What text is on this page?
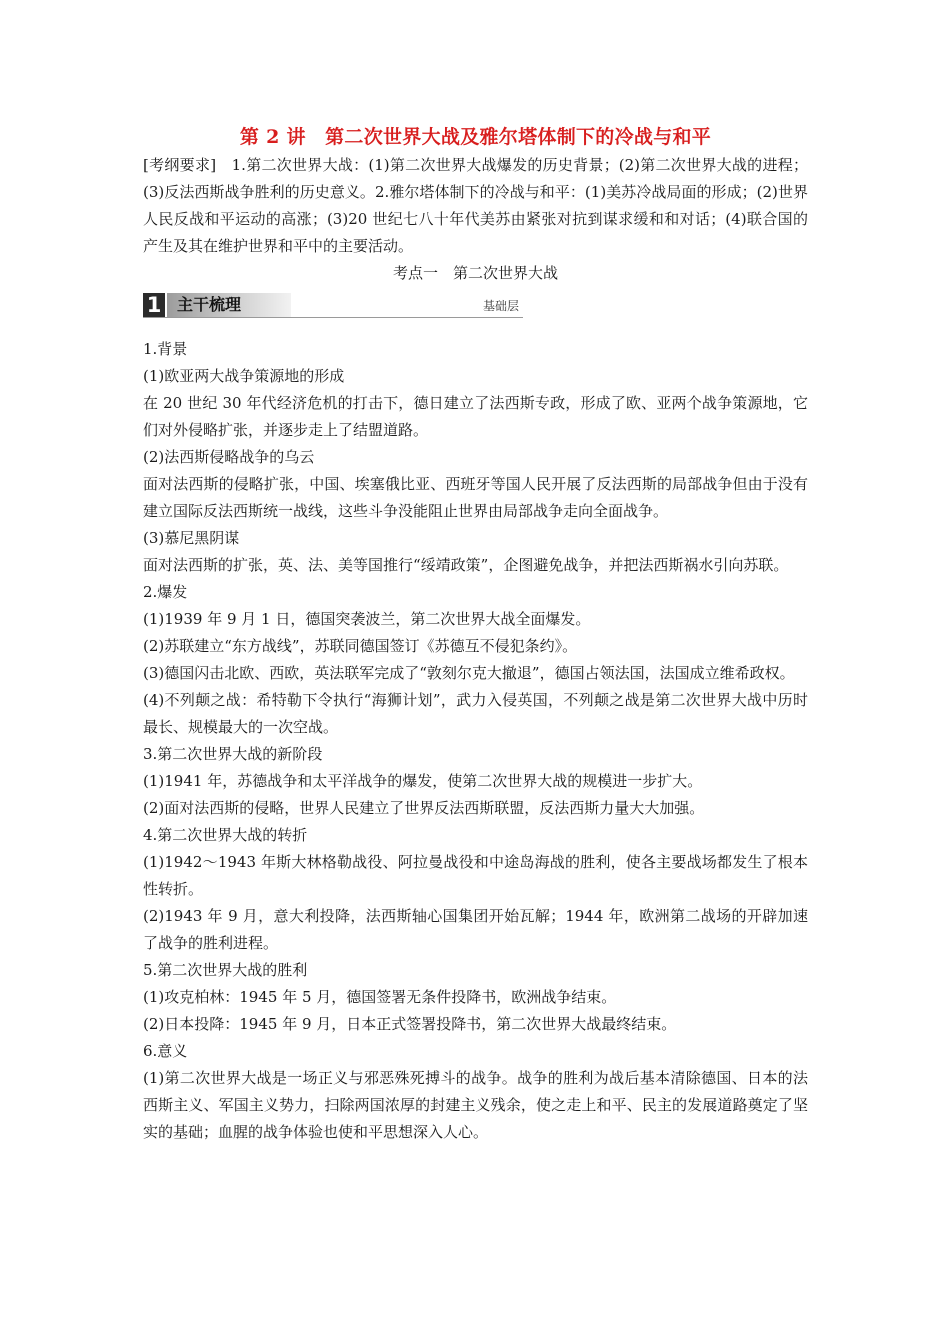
第 2 讲　第二次世界大战及雅尔塔体制下的冷战与和平

[考纲要求]　1.第二次世界大战：(1)第二次世界大战爆发的历史背景；(2)第二次世界大战的进程；(3)反法西斯战争胜利的历史意义。2.雅尔塔体制下的冷战与和平：(1)美苏冷战局面的形成；(2)世界人民反战和平运动的高涨；(3)20 世纪七八十年代美苏由紧张对抗到谋求缓和和对话；(4)联合国的产生及其在维护世界和平中的主要活动。

考点一　第二次世界大战

1 主干梳理	基础层

1.背景

(1)欧亚两大战争策源地的形成

在 20 世纪 30 年代经济危机的打击下，德日建立了法西斯专政，形成了欧、亚两个战争策源地，它们对外侵略扩张，并逐步走上了结盟道路。

(2)法西斯侵略战争的乌云

面对法西斯的侵略扩张，中国、埃塞俄比亚、西班牙等国人民开展了反法西斯的局部战争但由于没有建立国际反法西斯统一战线，这些斗争没能阻止世界由局部战争走向全面战争。

(3)慕尼黑阴谋

面对法西斯的扩张，英、法、美等国推行“绥靖政策”，企图避免战争，并把法西斯祸水引向苏联。

2.爆发

(1)1939 年 9 月 1 日，德国突袭波兰，第二次世界大战全面爆发。

(2)苏联建立“东方战线”，苏联同德国签订《苏德互不侵犯条约》。

(3)德国闪击北欧、西欧，英法联军完成了“敦刻尔克大撤退”，德国占领法国，法国成立维希政权。

(4)不列颠之战：希特勒下令执行“海狮计划”，武力入侵英国，不列颠之战是第二次世界大战中历时最长、规模最大的一次空战。

3.第二次世界大战的新阶段

(1)1941 年，苏德战争和太平洋战争的爆发，使第二次世界大战的规模进一步扩大。

(2)面对法西斯的侵略，世界人民建立了世界反法西斯联盟，反法西斯力量大大加强。

4.第二次世界大战的转折

(1)1942～1943 年斯大林格勒战役、阿拉曼战役和中途岛海战的胜利，使各主要战场都发生了根本性转折。

(2)1943 年 9 月，意大利投降，法西斯轴心国集团开始瓦解；1944 年，欧洲第二战场的开辟加速了战争的胜利进程。

5.第二次世界大战的胜利

(1)攻克柏林：1945 年 5 月，德国签署无条件投降书，欧洲战争结束。

(2)日本投降：1945 年 9 月，日本正式签署投降书，第二次世界大战最终结束。

6.意义

(1)第二次世界大战是一场正义与邪恶殊死搏斗的战争。战争的胜利为战后基本清除德国、日本的法西斯主义、军国主义势力，扫除两国浓厚的封建主义残余，使之走上和平、民主的发展道路奠定了坚实的基础；血腥的战争体验也使和平思想深入人心。
